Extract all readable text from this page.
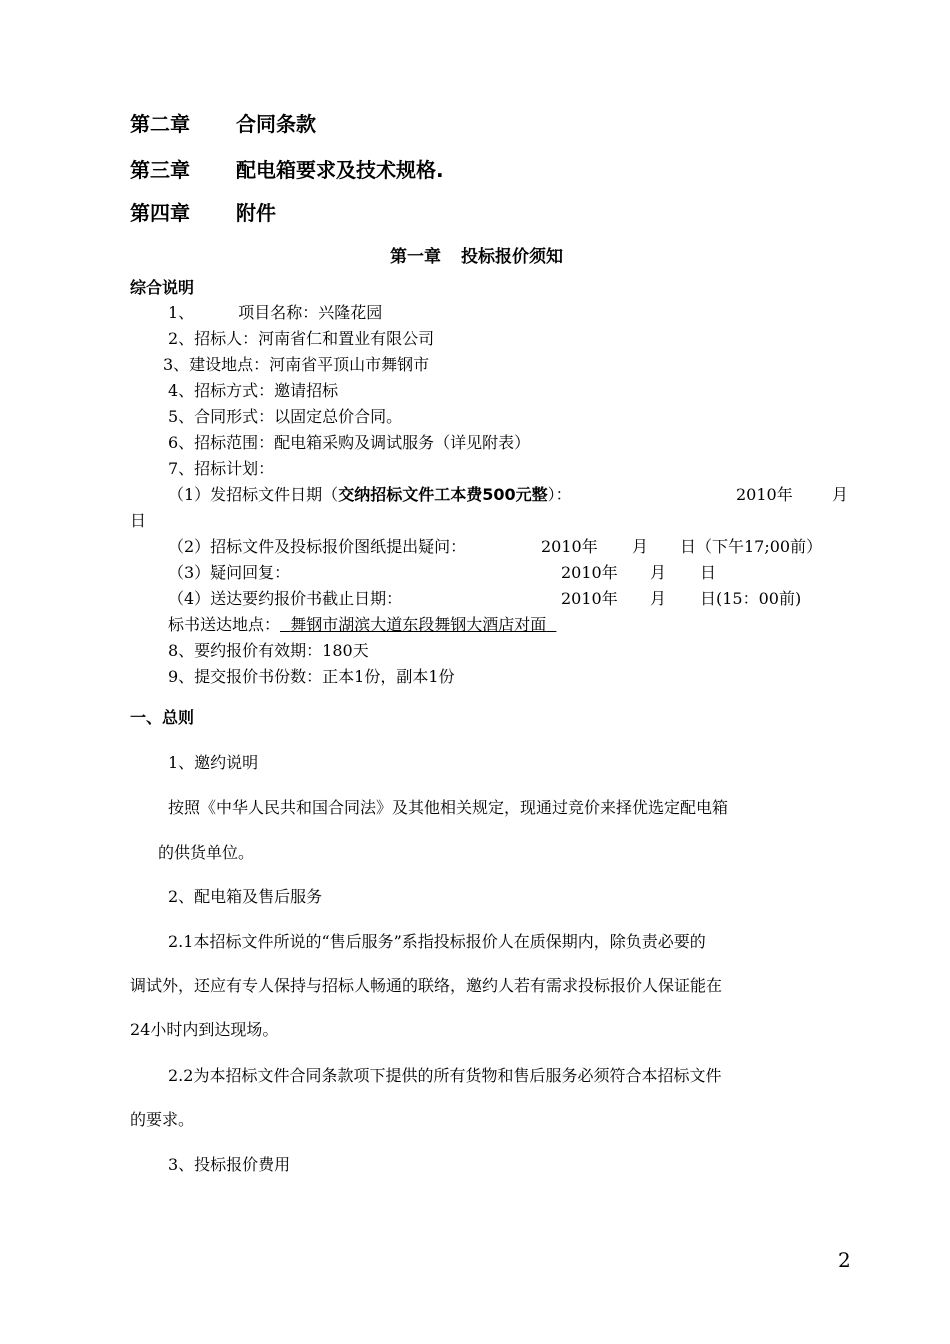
第二章 合同条款
第三章 配电箱要求及技术规格.
第四章 附件
第一章 投标报价须知
综合说明
1、	项目名称：兴隆花园
2、招标人：河南省仁和置业有限公司
3、建设地点：河南省平顶山市舞钢市
4、招标方式：邀请招标
5、合同形式：以固定总价合同。
6、招标范围：配电箱采购及调试服务（详见附表）
7、招标计划：
（1）发招标文件日期（交纳招标文件工本费500元整）：	2010年 月
日
（2）招标文件及投标报价图纸提出疑问：	2010年 月 日（下午17;00前）
（3）疑问回复：	2010年 月 日
（4）送达要约报价书截止日期：	2010年 月 日(15：00前)
标书送达地点： 舞钢市湖滨大道东段舞钢大酒店对面
8、要约报价有效期：180天
9、提交报价书份数：正本1份，副本1份
一、总则
1、邀约说明
按照《中华人民共和国合同法》及其他相关规定，现通过竞价来择优选定配电箱
的供货单位。
2、配电箱及售后服务
2.1本招标文件所说的“售后服务”系指投标报价人在质保期内，除负责必要的
调试外，还应有专人保持与招标人畅通的联络，邀约人若有需求投标报价人保证能在
24小时内到达现场。
2.2为本招标文件合同条款项下提供的所有货物和售后服务必须符合本招标文件
的要求。
3、投标报价费用
2
